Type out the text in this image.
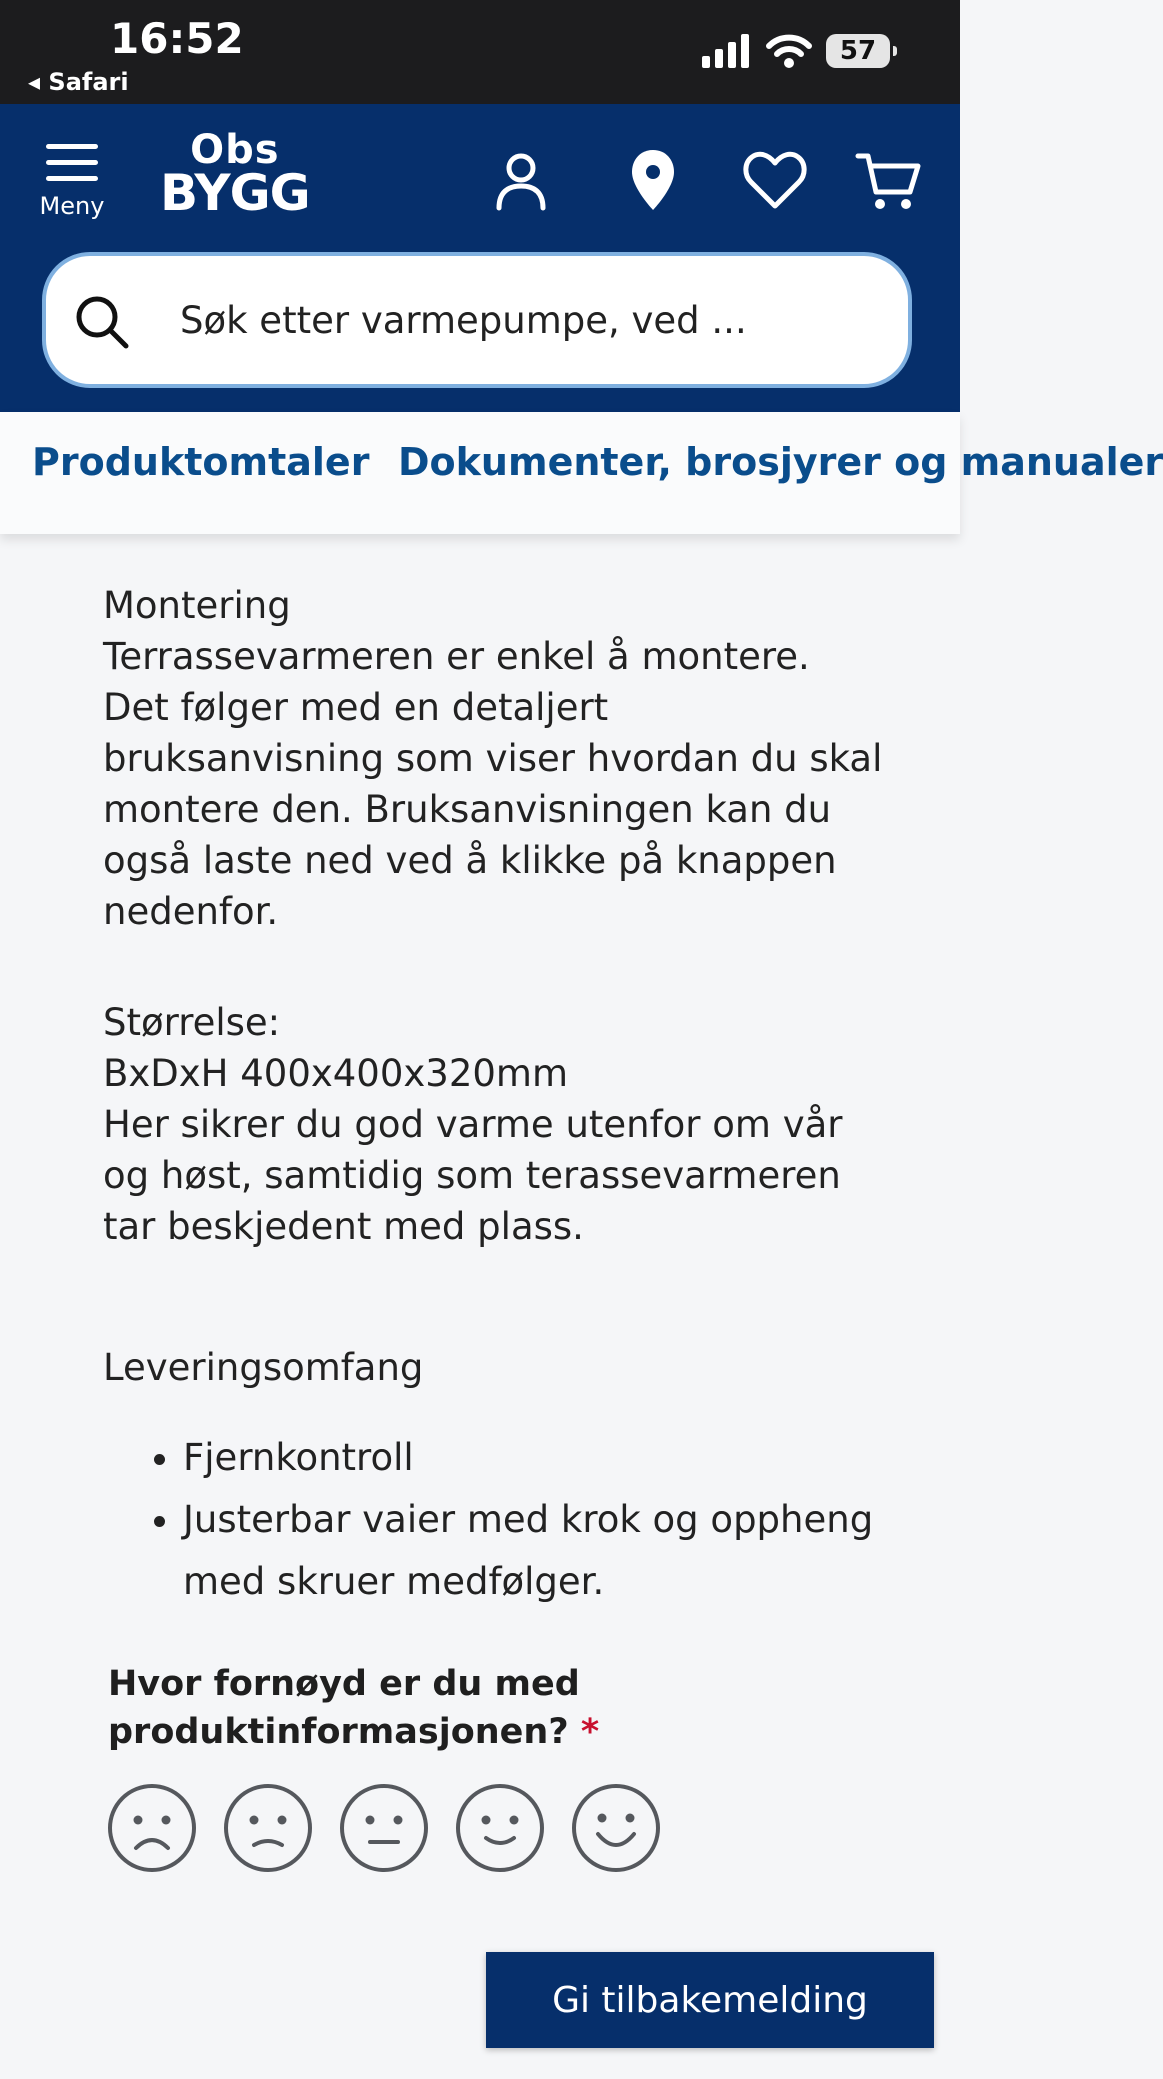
16:52
◂ Safari
57
Meny
Obs
BYGG
Søk etter varmepumpe, ved ...
Produktomtaler Dokumenter, brosjyrer og manualer

Montering

Terrassevarmeren er enkel å montere. Det følger med en detaljert bruksanvisning som viser hvordan du skal montere den. Bruksanvisningen kan du også laste ned ved å klikke på knappen nedenfor.

Størrelse:

BxDxH 400x400x320mm

Her sikrer du god varme utenfor om vår og høst, samtidig som terassevarmeren tar beskjedent med plass.

Leveringsomfang

• Fjernkontroll
• Justerbar vaier med krok og oppheng med skruer medfølger.
Hvor fornøyd er du med produktinformasjonen? *
Gi tilbakemelding
